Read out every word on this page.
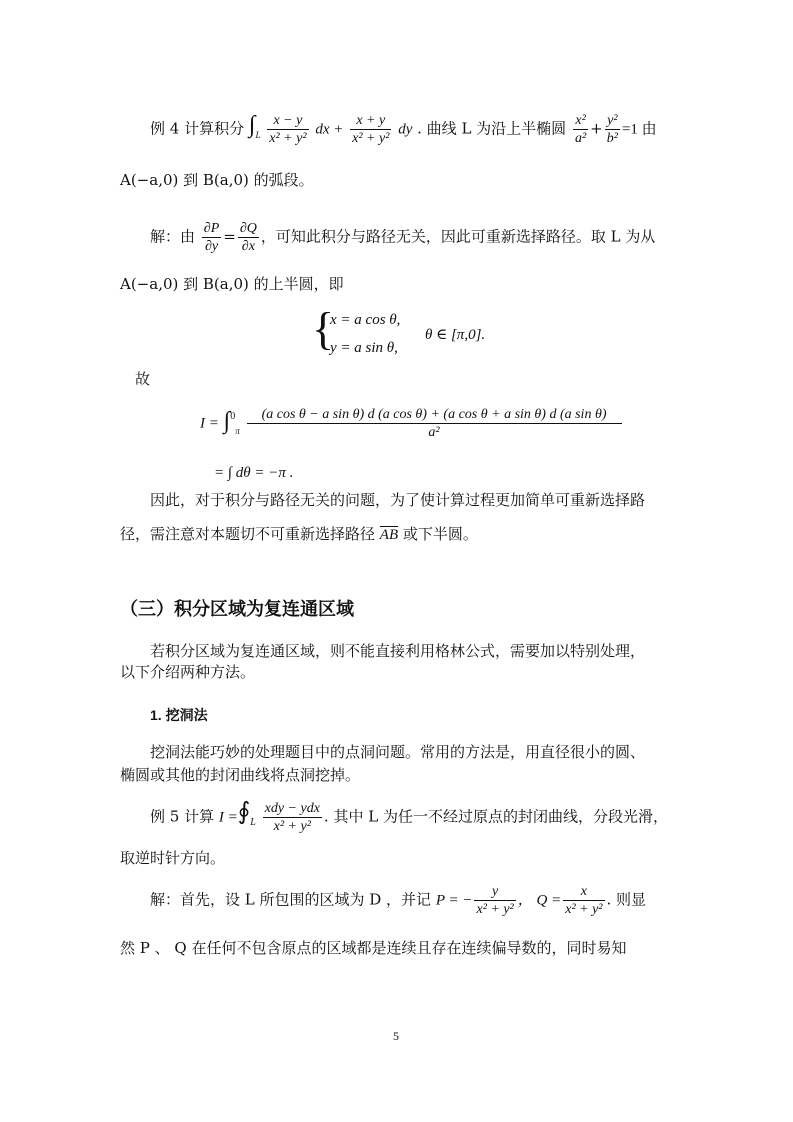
例 4 计算积分 $\int_L \frac{x - y}{\text{x² + y²}}$ dx + $\frac{x + y}{\text{x² + y²}}$ dy . 曲线 L 为沿上半椭圆 $\frac{\text{x²}}{\text{a²}} + \frac{\text{y²}}{\text{b²}} =1$ 由
A(−a,0) 到 B(a,0) 的弧段。
解：由 $\frac{\partial P}{\partial y} = \frac{\partial Q}{\partial x}$ ，可知此积分与路径无关，因此可重新选择路径。取 L 为从
A(−a,0) 到 B(a,0) 的上半圆，即
{
x = a cos θ,
y = a sin θ,
θ ∈ [π,0].
故
I = ∫$^0_\pi$
(a cos θ − a sin θ) d (a cos θ) + (a cos θ + a sin θ) d (a sin θ)
a²
= ∫ dθ = −π .
因此，对于积分与路径无关的问题，为了使计算过程更加简单可重新选择路
径，需注意对本题切不可重新选择路径 AB 或下半圆。
（三）积分区域为复连通区域
若积分区域为复连通区域，则不能直接利用格林公式，需要加以特别处理，
以下介绍两种方法。
1. 挖洞法
挖洞法能巧妙的处理题目中的点洞问题。常用的方法是，用直径很小的圆、
椭圆或其他的封闭曲线将点洞挖掉。
例 5 计算 $I =∮_L \frac{\text{xdy − ydx}}{\text{x² + y²}}$ . 其中 L 为任一不经过原点的封闭曲线，分段光滑，
取逆时针方向。
解：首先，设 L 所包围的区域为 D ，并记 P = − $\frac{y}{\text{x² + y²}}$ ， $Q = \frac{x}{\text{x² + y²}}$ . 则显
然 P 、 Q 在任何不包含原点的区域都是连续且存在连续偏导数的，同时易知
5
